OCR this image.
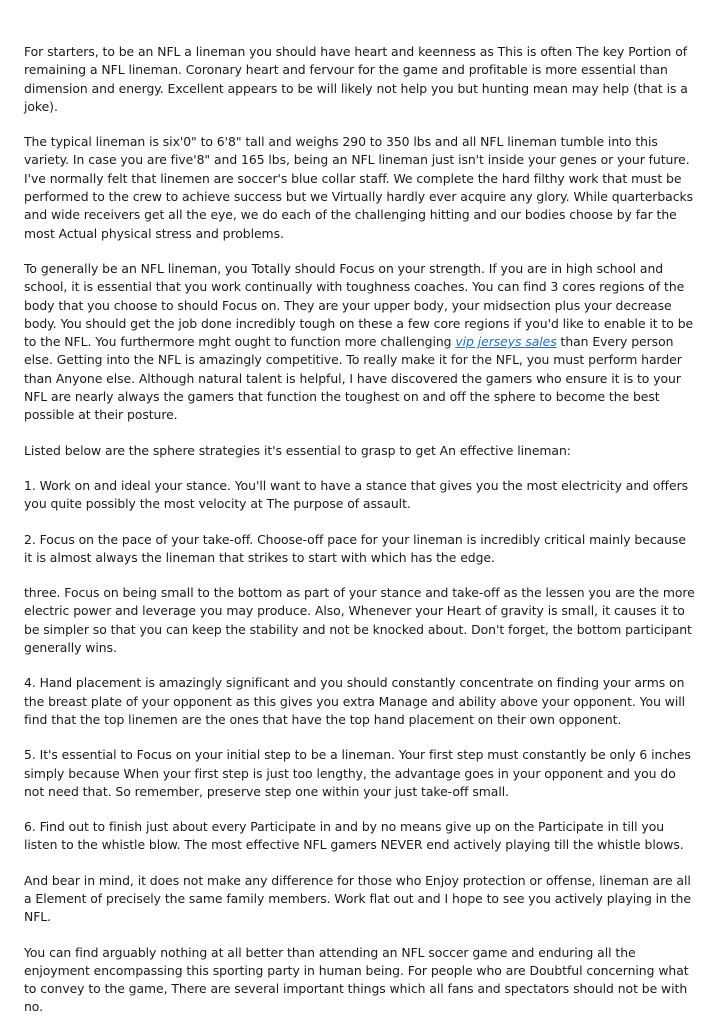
For starters, to be an NFL a lineman you should have heart and keenness as This is often The key Portion of remaining a NFL lineman. Coronary heart and fervour for the game and profitable is more essential than dimension and energy. Excellent appears to be will likely not help you but hunting mean may help (that is a joke).

The typical lineman is six'0" to 6'8" tall and weighs 290 to 350 lbs and all NFL lineman tumble into this variety. In case you are five'8" and 165 lbs, being an NFL lineman just isn't inside your genes or your future. I've normally felt that linemen are soccer's blue collar staff. We complete the hard filthy work that must be performed to the crew to achieve success but we Virtually hardly ever acquire any glory. While quarterbacks and wide receivers get all the eye, we do each of the challenging hitting and our bodies choose by far the most Actual physical stress and problems.

To generally be an NFL lineman, you Totally should Focus on your strength. If you are in high school and school, it is essential that you work continually with toughness coaches. You can find 3 cores regions of the body that you choose to should Focus on. They are your upper body, your midsection plus your decrease body. You should get the job done incredibly tough on these a few core regions if you'd like to enable it to be to the NFL. You furthermore mght ought to function more challenging vip jerseys sales than Every person else. Getting into the NFL is amazingly competitive. To really make it for the NFL, you must perform harder than Anyone else. Although natural talent is helpful, I have discovered the gamers who ensure it is to your NFL are nearly always the gamers that function the toughest on and off the sphere to become the best possible at their posture.

Listed below are the sphere strategies it's essential to grasp to get An effective lineman:

1. Work on and ideal your stance. You'll want to have a stance that gives you the most electricity and offers you quite possibly the most velocity at The purpose of assault.

2. Focus on the pace of your take-off. Choose-off pace for your lineman is incredibly critical mainly because it is almost always the lineman that strikes to start with which has the edge.

three. Focus on being small to the bottom as part of your stance and take-off as the lessen you are the more electric power and leverage you may produce. Also, Whenever your Heart of gravity is small, it causes it to be simpler so that you can keep the stability and not be knocked about. Don't forget, the bottom participant generally wins.

4. Hand placement is amazingly significant and you should constantly concentrate on finding your arms on the breast plate of your opponent as this gives you extra Manage and ability above your opponent. You will find that the top linemen are the ones that have the top hand placement on their own opponent.

5. It's essential to Focus on your initial step to be a lineman. Your first step must constantly be only 6 inches simply because When your first step is just too lengthy, the advantage goes in your opponent and you do not need that. So remember, preserve step one within your just take-off small.

6. Find out to finish just about every Participate in and by no means give up on the Participate in till you listen to the whistle blow. The most effective NFL gamers NEVER end actively playing till the whistle blows.

And bear in mind, it does not make any difference for those who Enjoy protection or offense, lineman are all a Element of precisely the same family members. Work flat out and I hope to see you actively playing in the NFL.

You can find arguably nothing at all better than attending an NFL soccer game and enduring all the enjoyment encompassing this sporting party in human being. For people who are Doubtful concerning what to convey to the game, There are several important things which all fans and spectators should not be with no.
